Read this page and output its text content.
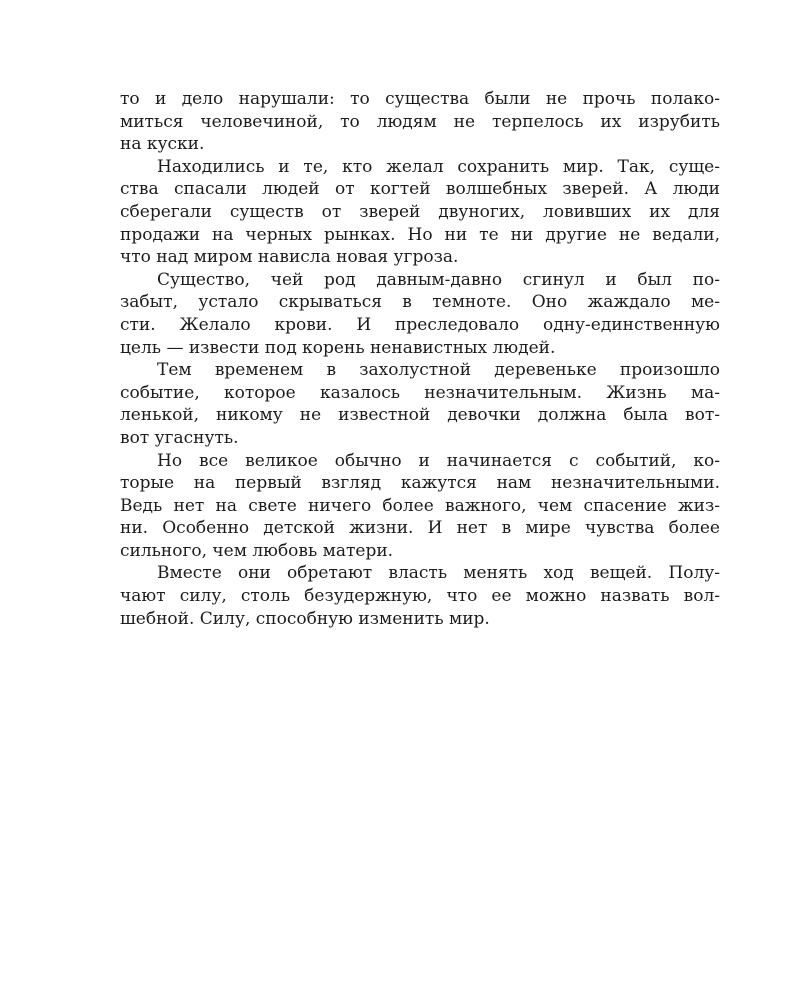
то и дело нарушали: то существа были не прочь полако-
миться человечиной, то людям не терпелось их изрубить
на куски.
Находились и те, кто желал сохранить мир. Так, суще-
ства спасали людей от когтей волшебных зверей. А люди
сберегали существ от зверей двуногих, ловивших их для
продажи на черных рынках. Но ни те ни другие не ведали,
что над миром нависла новая угроза.
Существо, чей род давным-давно сгинул и был по-
забыт, устало скрываться в темноте. Оно жаждало ме-
сти. Желало крови. И преследовало одну-единственную
цель — извести под корень ненавистных людей.
Тем временем в захолустной деревеньке произошло
событие, которое казалось незначительным. Жизнь ма-
ленькой, никому не известной девочки должна была вот-
вот угаснуть.
Но все великое обычно и начинается с событий, ко-
торые на первый взгляд кажутся нам незначительными.
Ведь нет на свете ничего более важного, чем спасение жиз-
ни. Особенно детской жизни. И нет в мире чувства более
сильного, чем любовь матери.
Вместе они обретают власть менять ход вещей. Полу-
чают силу, столь безудержную, что ее можно назвать вол-
шебной. Силу, способную изменить мир.
